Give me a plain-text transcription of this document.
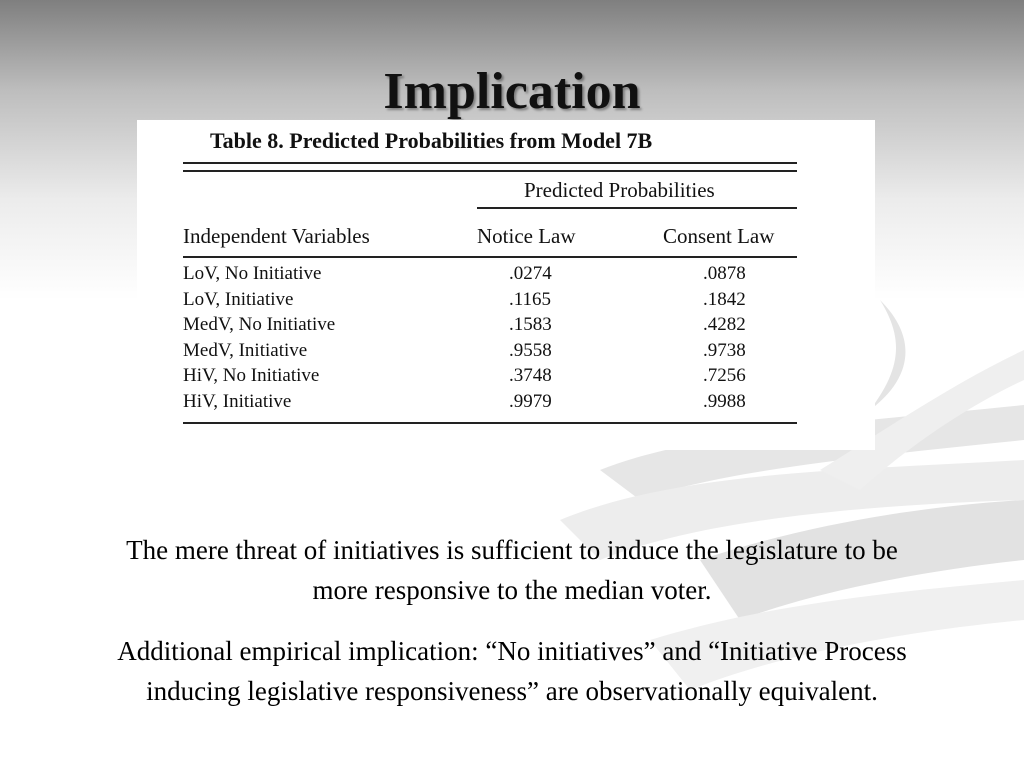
Implication
Table 8. Predicted Probabilities from Model 7B
Predicted Probabilities
Independent Variables	Notice Law	Consent Law
LoV, No Initiative	.0274	.0878
LoV, Initiative	.1165	.1842
MedV, No Initiative	.1583	.4282
MedV, Initiative	.9558	.9738
HiV, No Initiative	.3748	.7256
HiV, Initiative	.9979	.9988
The mere threat of initiatives is sufficient to induce the legislature to be more responsive to the median voter.
Additional empirical implication: “No initiatives” and “Initiative Process inducing legislative responsiveness” are observationally equivalent.
